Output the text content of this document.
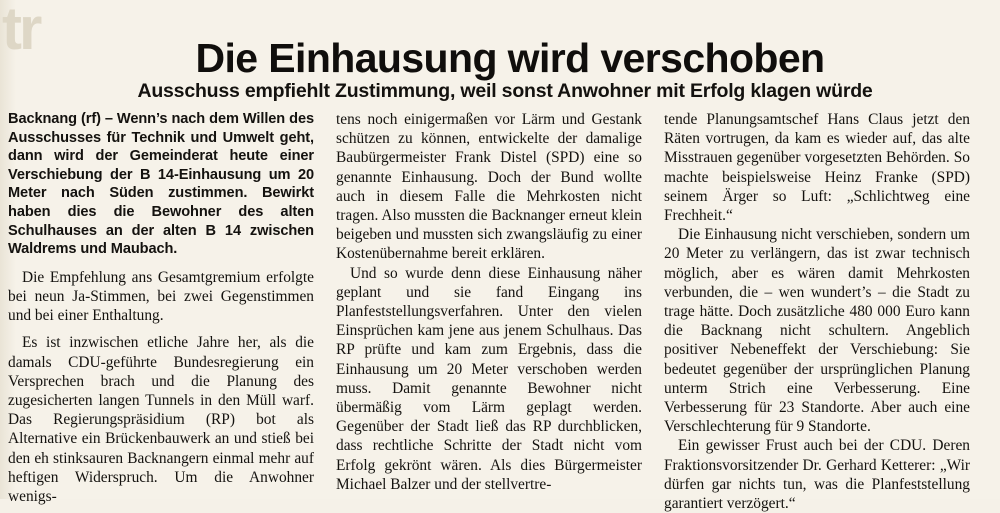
tr	Die Einhausung wird verschoben
Ausschuss empfiehlt Zustimmung, weil sonst Anwohner mit Erfolg klagen würde

Backnang (rf) – Wenn’s nach dem Willen des Ausschusses für Technik und Umwelt geht, dann wird der Gemeinderat heute einer Verschiebung der B 14-Einhausung um 20 Meter nach Süden zustimmen. Bewirkt haben dies die Bewohner des alten Schulhauses an der alten B 14 zwischen Waldrems und Maubach.

Die Empfehlung ans Gesamtgremium erfolgte bei neun Ja-Stimmen, bei zwei Gegenstimmen und bei einer Enthaltung.

Es ist inzwischen etliche Jahre her, als die damals CDU-geführte Bundesregierung ein Versprechen brach und die Planung des zugesicherten langen Tunnels in den Müll warf. Das Regierungspräsidium (RP) bot als Alternative ein Brückenbauwerk an und stieß bei den eh stinksauren Backnangern einmal mehr auf heftigen Widerspruch. Um die Anwohner wenigs-

tens noch einigermaßen vor Lärm und Gestank schützen zu können, entwickelte der damalige Baubürgermeister Frank Distel (SPD) eine so genannte Einhausung. Doch der Bund wollte auch in diesem Falle die Mehrkosten nicht tragen. Also mussten die Backnanger erneut klein beigeben und mussten sich zwangsläufig zu einer Kostenübernahme bereit erklären.

Und so wurde denn diese Einhausung näher geplant und sie fand Eingang ins Planfeststellungsverfahren. Unter den vielen Einsprüchen kam jene aus jenem Schulhaus. Das RP prüfte und kam zum Ergebnis, dass die Einhausung um 20 Meter verschoben werden muss. Damit genannte Bewohner nicht übermäßig vom Lärm geplagt werden. Gegenüber der Stadt ließ das RP durchblicken, dass rechtliche Schritte der Stadt nicht vom Erfolg gekrönt wären. Als dies Bürgermeister Michael Balzer und der stellvertre-

tende Planungsamtschef Hans Claus jetzt den Räten vortrugen, da kam es wieder auf, das alte Misstrauen gegenüber vorgesetzten Behörden. So machte beispielsweise Heinz Franke (SPD) seinem Ärger so Luft: „Schlichtweg eine Frechheit.“

Die Einhausung nicht verschieben, sondern um 20 Meter zu verlängern, das ist zwar technisch möglich, aber es wären damit Mehrkosten verbunden, die – wen wundert’s – die Stadt zu trage hätte. Doch zusätzliche 480 000 Euro kann die Backnang nicht schultern. Angeblich positiver Nebeneffekt der Verschiebung: Sie bedeutet gegenüber der ursprünglichen Planung unterm Strich eine Verbesserung. Eine Verbesserung für 23 Standorte. Aber auch eine Verschlechterung für 9 Standorte.

Ein gewisser Frust auch bei der CDU. Deren Fraktionsvorsitzender Dr. Gerhard Ketterer: „Wir dürfen gar nichts tun, was die Planfeststellung garantiert verzögert.“
